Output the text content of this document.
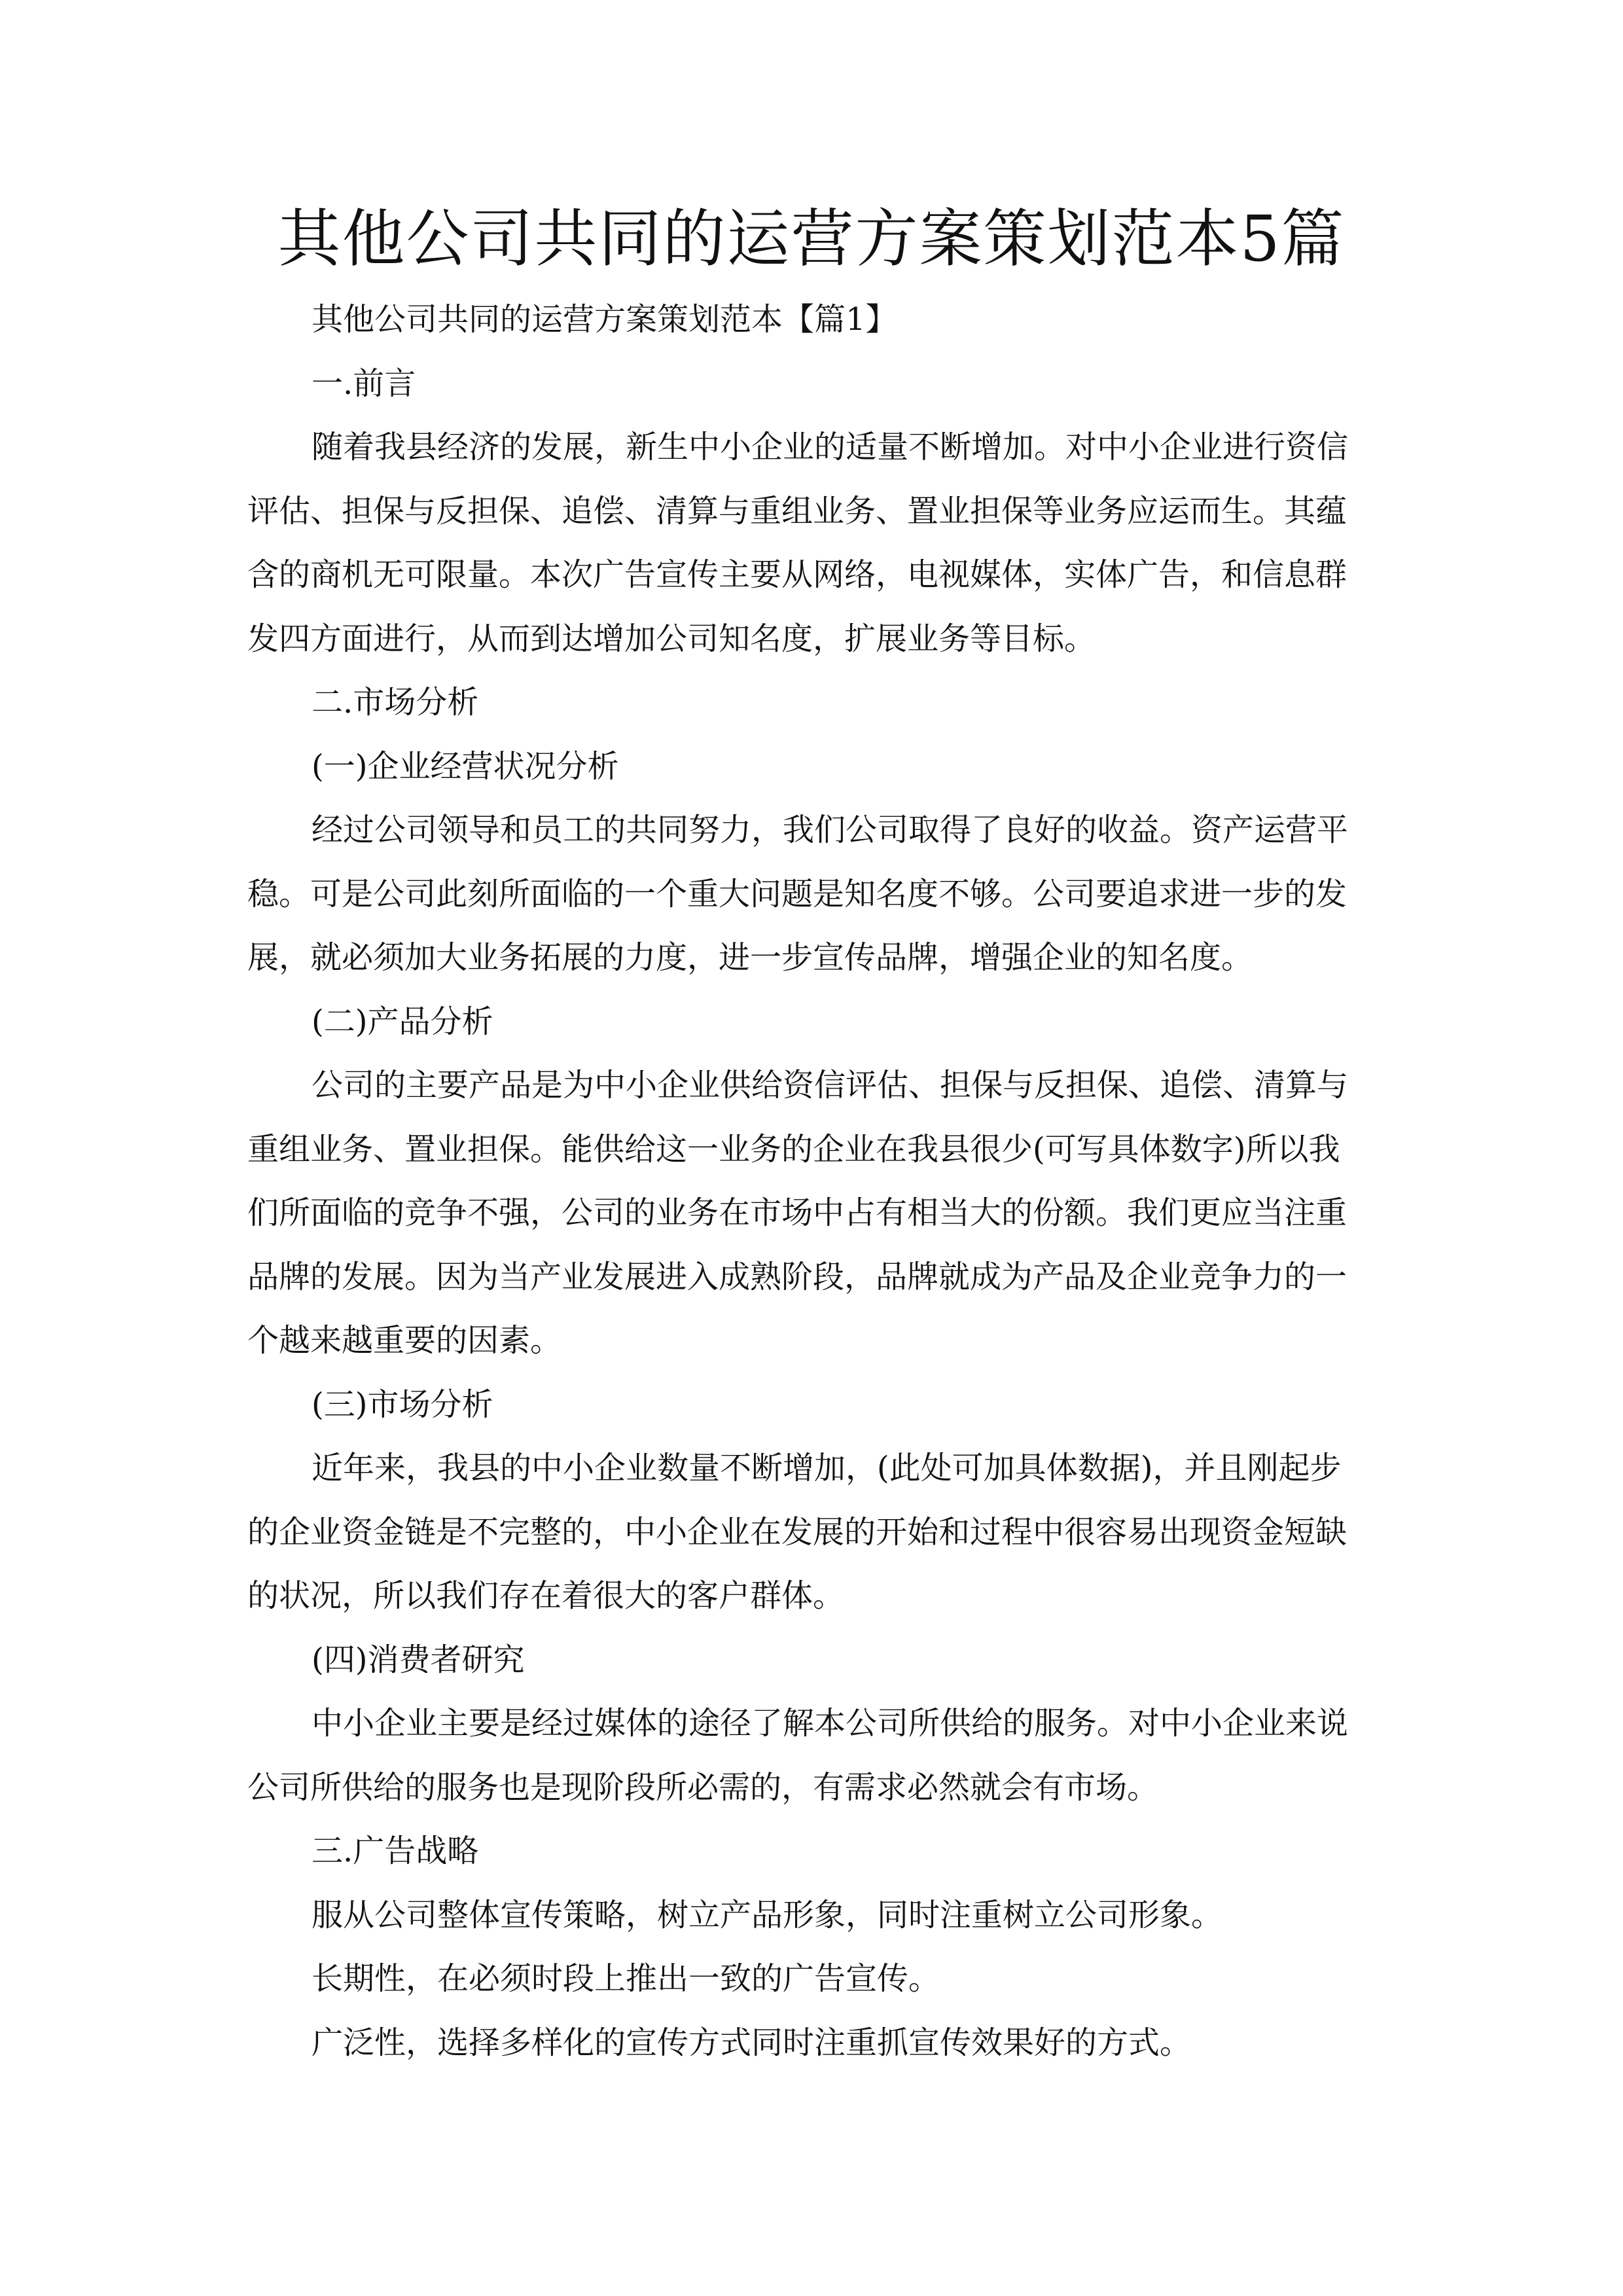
其他公司共同的运营方案策划范本5篇

其他公司共同的运营方案策划范本【篇1】

一.前言

随着我县经济的发展，新生中小企业的适量不断增加。对中小企业进行资信

评估、担保与反担保、追偿、清算与重组业务、置业担保等业务应运而生。其蕴

含的商机无可限量。本次广告宣传主要从网络，电视媒体，实体广告，和信息群

发四方面进行，从而到达增加公司知名度，扩展业务等目标。

二.市场分析

(一)企业经营状况分析

经过公司领导和员工的共同努力，我们公司取得了良好的收益。资产运营平

稳。可是公司此刻所面临的一个重大问题是知名度不够。公司要追求进一步的发

展，就必须加大业务拓展的力度，进一步宣传品牌，增强企业的知名度。

(二)产品分析

公司的主要产品是为中小企业供给资信评估、担保与反担保、追偿、清算与

重组业务、置业担保。能供给这一业务的企业在我县很少(可写具体数字)所以我

们所面临的竞争不强，公司的业务在市场中占有相当大的份额。我们更应当注重

品牌的发展。因为当产业发展进入成熟阶段，品牌就成为产品及企业竞争力的一

个越来越重要的因素。

(三)市场分析

近年来，我县的中小企业数量不断增加，(此处可加具体数据)，并且刚起步

的企业资金链是不完整的，中小企业在发展的开始和过程中很容易出现资金短缺

的状况，所以我们存在着很大的客户群体。

(四)消费者研究

中小企业主要是经过媒体的途径了解本公司所供给的服务。对中小企业来说

公司所供给的服务也是现阶段所必需的，有需求必然就会有市场。

三.广告战略

服从公司整体宣传策略，树立产品形象，同时注重树立公司形象。

长期性，在必须时段上推出一致的广告宣传。

广泛性，选择多样化的宣传方式同时注重抓宣传效果好的方式。
